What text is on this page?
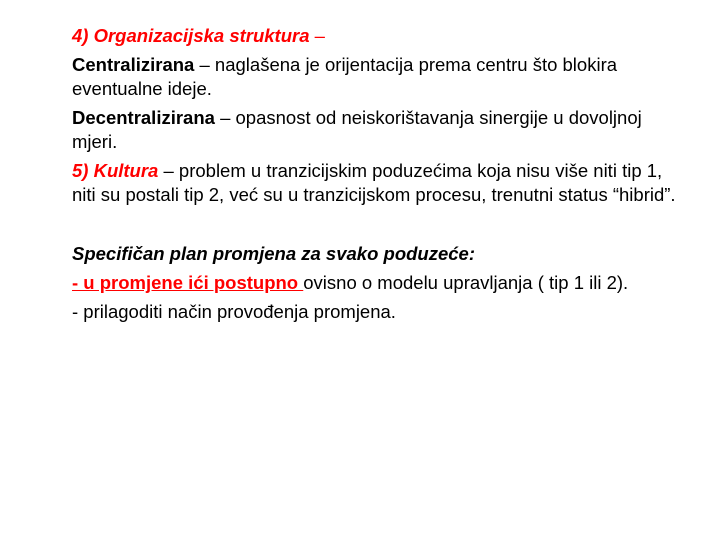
4) Organizacijska struktura –

Centralizirana – naglašena je orijentacija prema centru što blokira eventualne ideje.

Decentralizirana – opasnost od neiskorištavanja sinergije u dovoljnoj mjeri.

5) Kultura – problem u tranzicijskim poduzećima koja nisu više niti tip 1, niti su postali tip 2, već su u tranzicijskom procesu, trenutni status “hibrid”.

Specifičan plan promjena za svako poduzeće:

- u promjene ići postupno ovisno o modelu upravljanja ( tip 1 ili 2).

- prilagoditi način provođenja promjena.
